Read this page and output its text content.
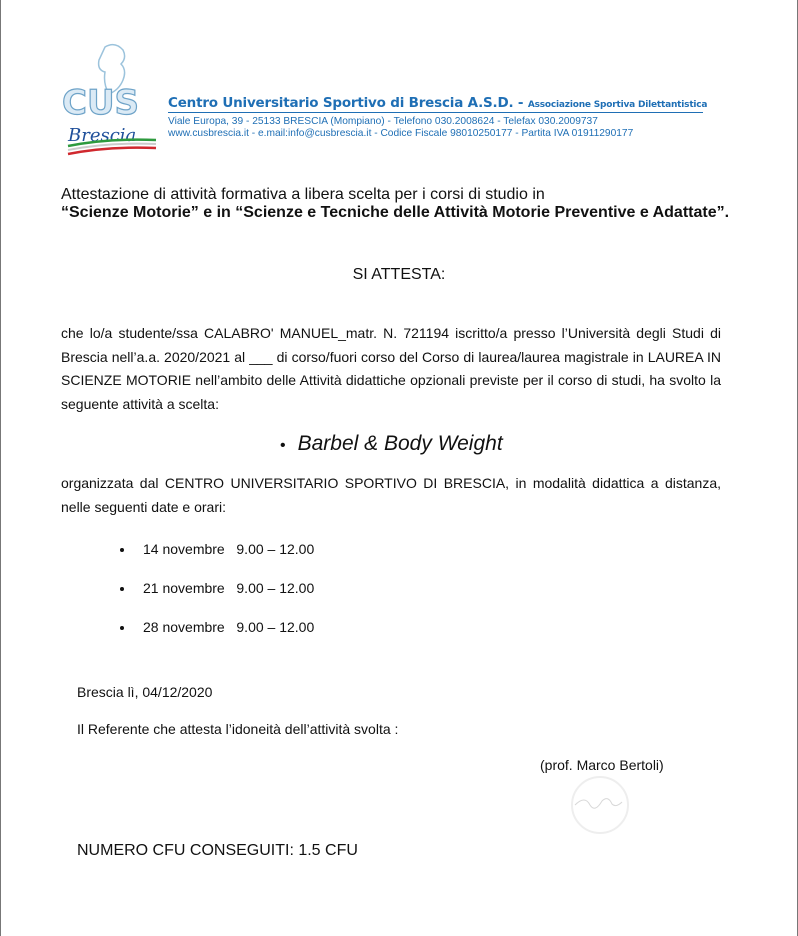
CUS
Brescia
Centro Universitario Sportivo di Brescia A.S.D. - Associazione Sportiva Dilettantistica
Viale Europa, 39 - 25133 BRESCIA (Mompiano) - Telefono 030.2008624 - Telefax 030.2009737
www.cusbrescia.it - e.mail:info@cusbrescia.it - Codice Fiscale 98010250177 - Partita IVA 01911290177
Attestazione di attività formativa a libera scelta per i corsi di studio in
“Scienze Motorie” e in “Scienze e Tecniche delle Attività Motorie Preventive e Adattate”.
SI ATTESTA:
che lo/a studente/ssa CALABRO' MANUEL_matr. N. 721194 iscritto/a presso l’Università degli Studi di Brescia nell’a.a. 2020/2021 al ___ di corso/fuori corso del Corso di laurea/laurea magistrale in LAUREA IN SCIENZE MOTORIE nell’ambito delle Attività didattiche opzionali previste per il corso di studi, ha svolto la seguente attività a scelta:
• Barbel & Body Weight
organizzata dal CENTRO UNIVERSITARIO SPORTIVO DI BRESCIA, in modalità didattica a distanza, nelle seguenti date e orari:
• 14 novembre 9.00 – 12.00
• 21 novembre 9.00 – 12.00
• 28 novembre 9.00 – 12.00
Brescia lì, 04/12/2020
Il Referente che attesta l’idoneità dell’attività svolta :
NUMERO CFU CONSEGUITI: 1.5 CFU
(prof. Marco Bertoli)
